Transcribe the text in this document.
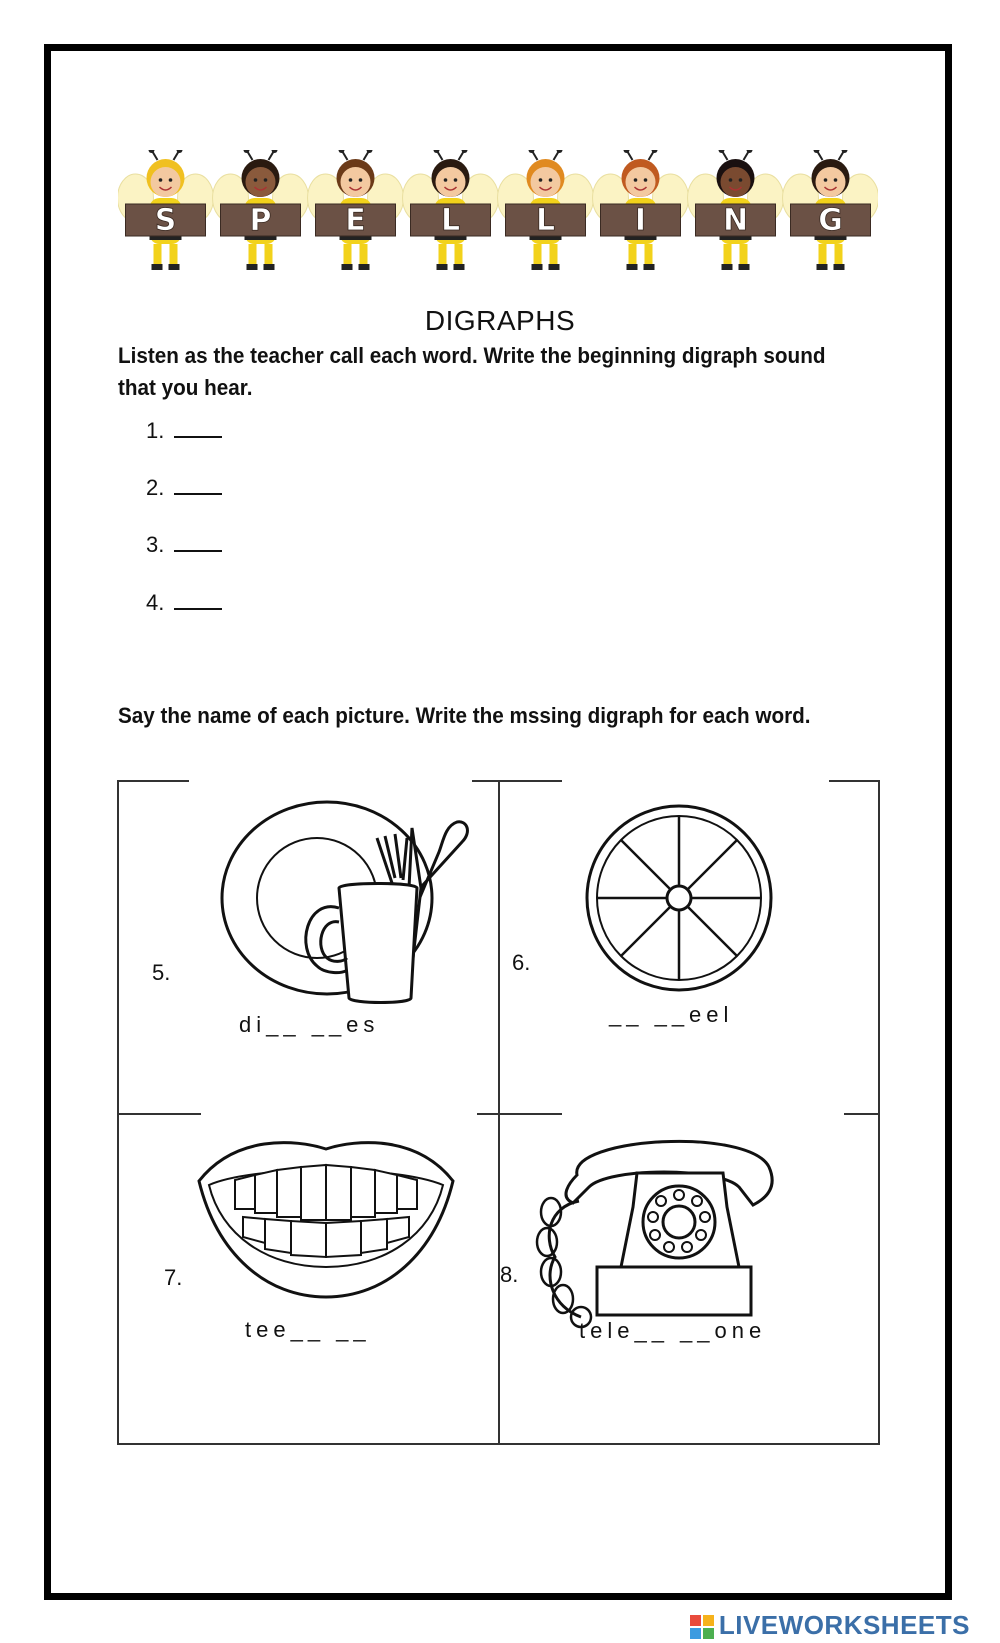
S P E	L	L	I	N G
DIGRAPHS
Listen as the teacher call each word. Write the beginning digraph sound that you hear.
1.
2.
3.
4.
Say the name of each picture. Write the mssing digraph for each word.
5.
di__ __es
6.
__ __eel
7.
tee__ __
8.
tele__ __one
LIVEWORKSHEETS
